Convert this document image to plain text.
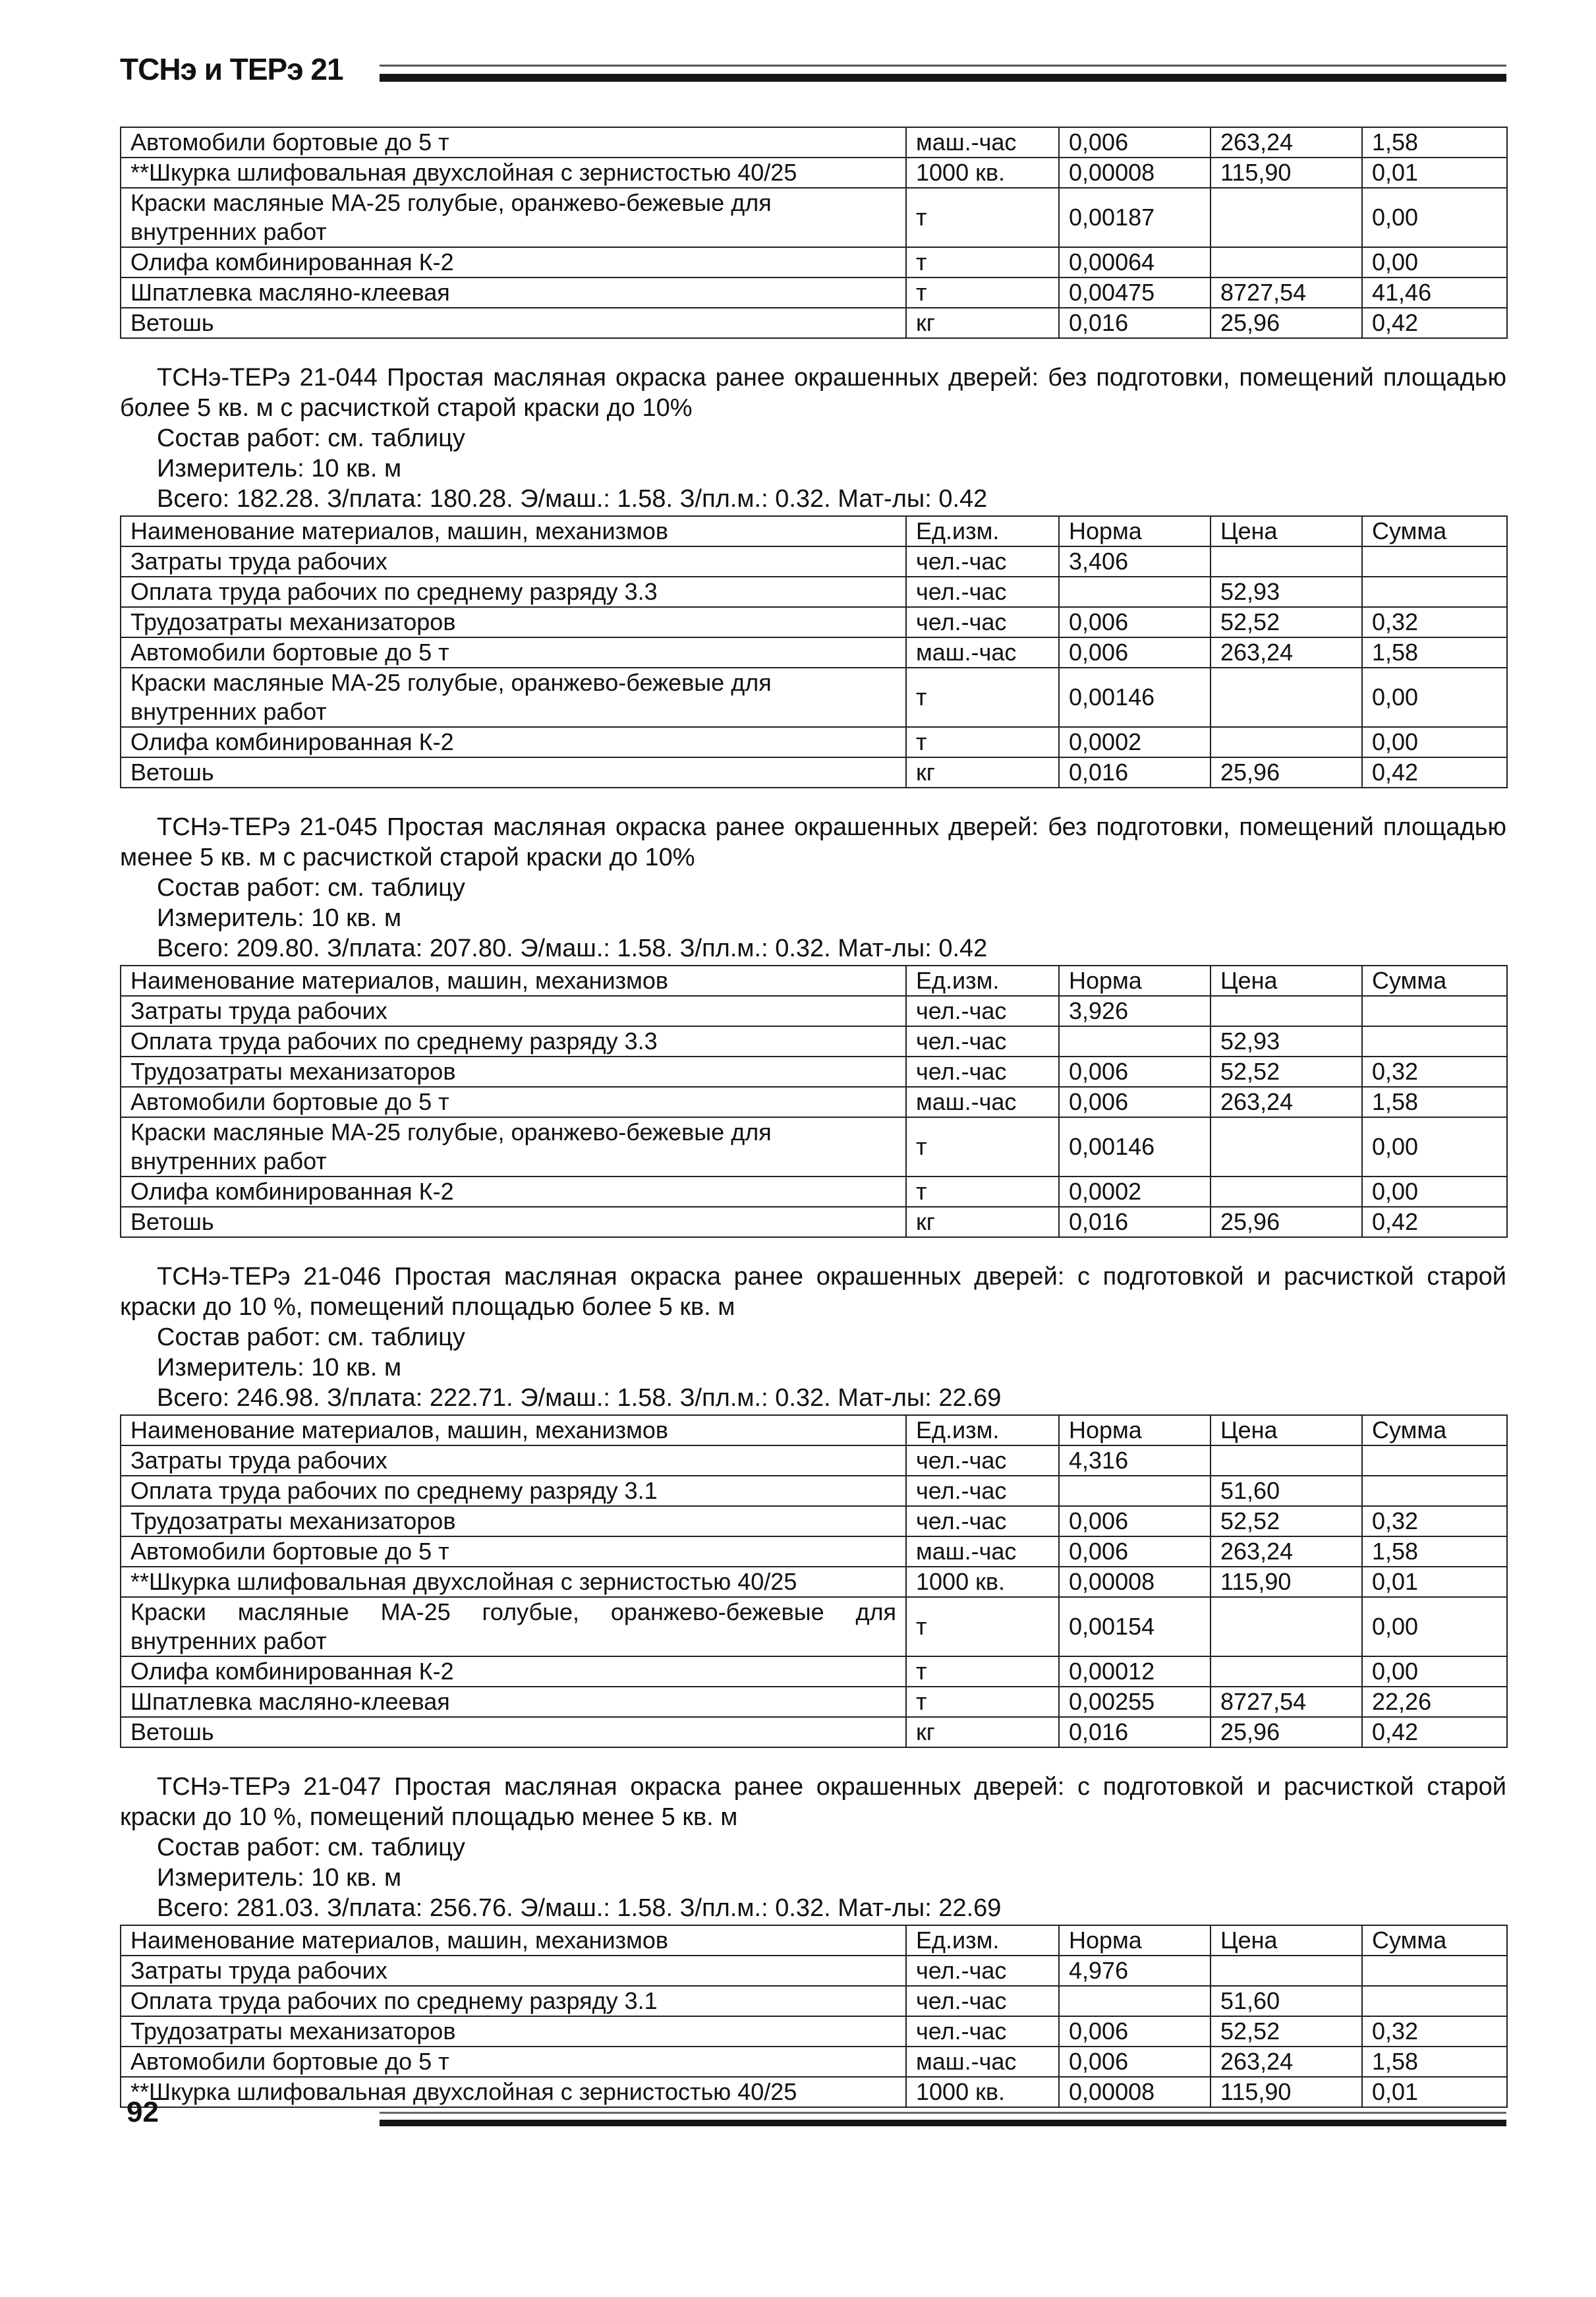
ТСНэ и ТЕРэ 21
Автомобили бортовые до 5 т	маш.-час	0,006	263,24	1,58
**Шкурка шлифовальная двухслойная с зернистостью 40/25	1000 кв.	0,00008	115,90	0,01
Краски масляные МА-25 голубые, оранжево-бежевые для внутренних работ	т	0,00187		0,00
Олифа комбинированная К-2	т	0,00064		0,00
Шпатлевка масляно-клеевая	т	0,00475	8727,54	41,46
Ветошь	кг	0,016	25,96	0,42

ТСНэ-ТЕРэ 21-044 Простая масляная окраска ранее окрашенных дверей: без подготовки, помещений площадью более 5 кв. м с расчисткой старой краски до 10%

Состав работ: см. таблицу

Измеритель: 10 кв. м

Всего: 182.28. З/плата: 180.28. Э/маш.: 1.58. З/пл.м.: 0.32. Мат-лы: 0.42

Наименование материалов, машин, механизмов	Ед.изм.	Норма	Цена	Сумма
Затраты труда рабочих	чел.-час	3,406		
Оплата труда рабочих по среднему разряду 3.3	чел.-час		52,93	
Трудозатраты механизаторов	чел.-час	0,006	52,52	0,32
Автомобили бортовые до 5 т	маш.-час	0,006	263,24	1,58
Краски масляные МА-25 голубые, оранжево-бежевые для внутренних работ	т	0,00146		0,00
Олифа комбинированная К-2	т	0,0002		0,00
Ветошь	кг	0,016	25,96	0,42

ТСНэ-ТЕРэ 21-045 Простая масляная окраска ранее окрашенных дверей: без подготовки, помещений площадью менее 5 кв. м с расчисткой старой краски до 10%

Состав работ: см. таблицу

Измеритель: 10 кв. м

Всего: 209.80. З/плата: 207.80. Э/маш.: 1.58. З/пл.м.: 0.32. Мат-лы: 0.42

Наименование материалов, машин, механизмов	Ед.изм.	Норма	Цена	Сумма
Затраты труда рабочих	чел.-час	3,926		
Оплата труда рабочих по среднему разряду 3.3	чел.-час		52,93	
Трудозатраты механизаторов	чел.-час	0,006	52,52	0,32
Автомобили бортовые до 5 т	маш.-час	0,006	263,24	1,58
Краски масляные МА-25 голубые, оранжево-бежевые для внутренних работ	т	0,00146		0,00
Олифа комбинированная К-2	т	0,0002		0,00
Ветошь	кг	0,016	25,96	0,42

ТСНэ-ТЕРэ 21-046 Простая масляная окраска ранее окрашенных дверей: с подготовкой и расчисткой старой краски до 10 %, помещений площадью более 5 кв. м

Состав работ: см. таблицу

Измеритель: 10 кв. м

Всего: 246.98. З/плата: 222.71. Э/маш.: 1.58. З/пл.м.: 0.32. Мат-лы: 22.69

Наименование материалов, машин, механизмов	Ед.изм.	Норма	Цена	Сумма
Затраты труда рабочих	чел.-час	4,316		
Оплата труда рабочих по среднему разряду 3.1	чел.-час		51,60	
Трудозатраты механизаторов	чел.-час	0,006	52,52	0,32
Автомобили бортовые до 5 т	маш.-час	0,006	263,24	1,58
**Шкурка шлифовальная двухслойная с зернистостью 40/25	1000 кв.	0,00008	115,90	0,01
Краски масляные МА-25 голубые, оранжево-бежевые для внутренних работ	т	0,00154		0,00
Олифа комбинированная К-2	т	0,00012		0,00
Шпатлевка масляно-клеевая	т	0,00255	8727,54	22,26
Ветошь	кг	0,016	25,96	0,42

ТСНэ-ТЕРэ 21-047 Простая масляная окраска ранее окрашенных дверей: с подготовкой и расчисткой старой краски до 10 %, помещений площадью менее 5 кв. м

Состав работ: см. таблицу

Измеритель: 10 кв. м

Всего: 281.03. З/плата: 256.76. Э/маш.: 1.58. З/пл.м.: 0.32. Мат-лы: 22.69

Наименование материалов, машин, механизмов	Ед.изм.	Норма	Цена	Сумма
Затраты труда рабочих	чел.-час	4,976		
Оплата труда рабочих по среднему разряду 3.1	чел.-час		51,60	
Трудозатраты механизаторов	чел.-час	0,006	52,52	0,32
Автомобили бортовые до 5 т	маш.-час	0,006	263,24	1,58
**Шкурка шлифовальная двухслойная с зернистостью 40/25	1000 кв.	0,00008	115,90	0,01
92
